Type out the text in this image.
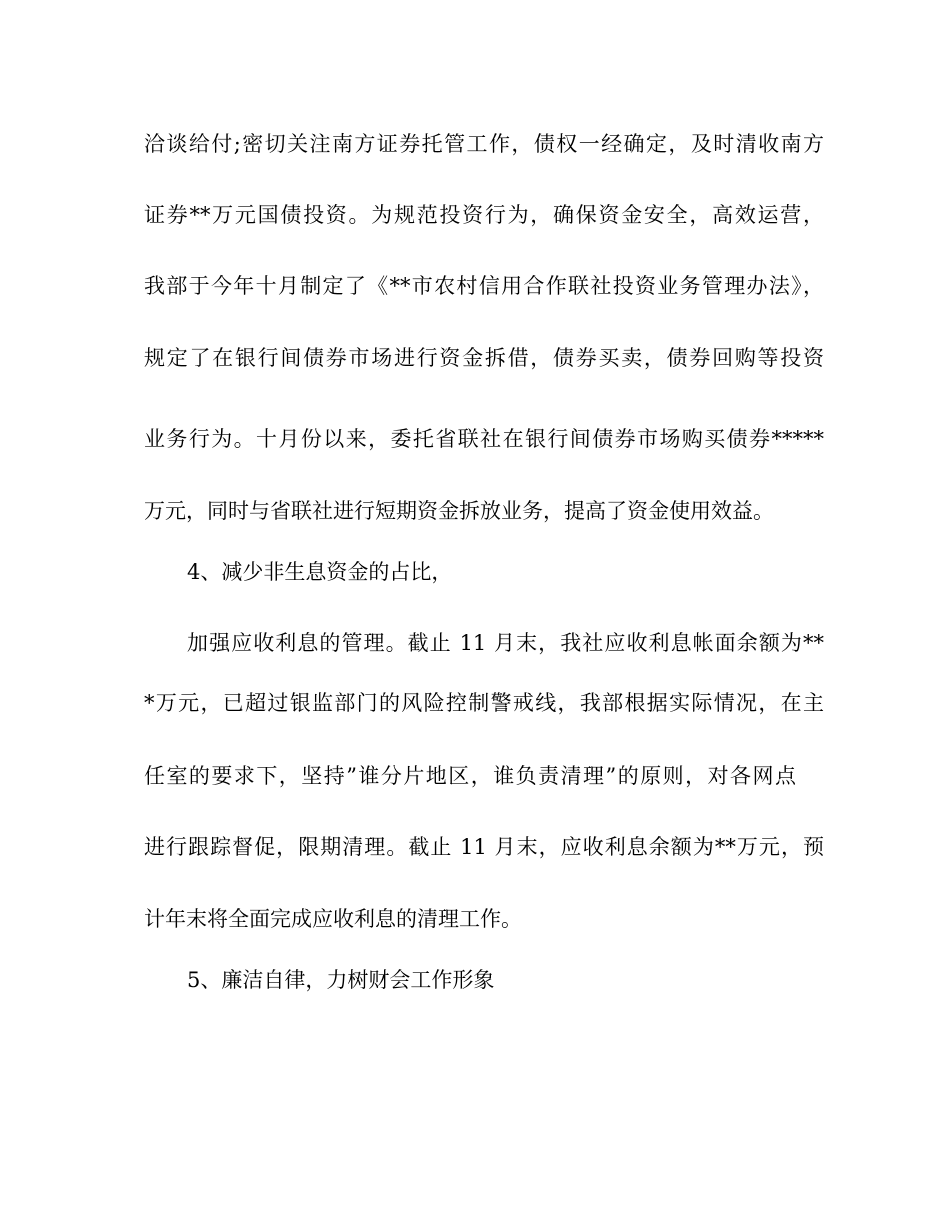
洽谈给付;密切关注南方证券托管工作，债权一经确定，及时清收南方
证券**万元国债投资。为规范投资行为，确保资金安全，高效运营，
我部于今年十月制定了《**市农村信用合作联社投资业务管理办法》，
规定了在银行间债券市场进行资金拆借，债券买卖，债券回购等投资
业务行为。十月份以来，委托省联社在银行间债券市场购买债券*****
万元，同时与省联社进行短期资金拆放业务，提高了资金使用效益。
4、减少非生息资金的占比，
加强应收利息的管理。截止 11 月末，我社应收利息帐面余额为**
*万元，已超过银监部门的风险控制警戒线，我部根据实际情况，在主
任室的要求下，坚持”谁分片地区，谁负责清理”的原则，对各网点
进行跟踪督促，限期清理。截止 11 月末，应收利息余额为**万元，预
计年末将全面完成应收利息的清理工作。
5、廉洁自律，力树财会工作形象
